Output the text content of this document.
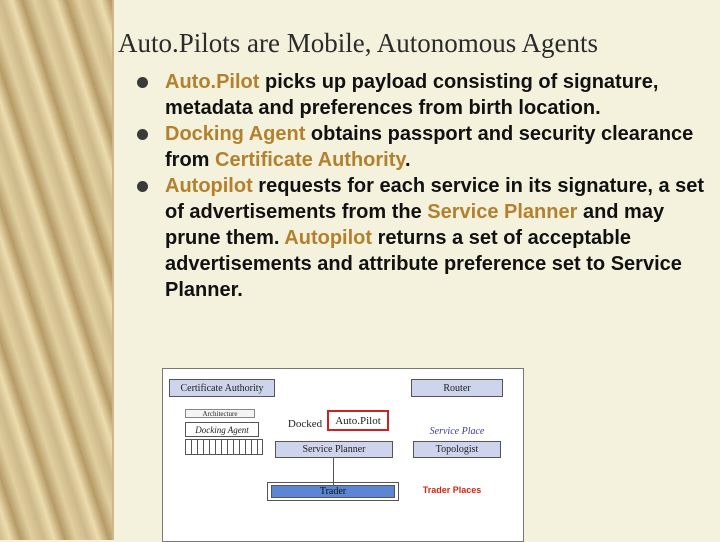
Auto.Pilots are Mobile, Autonomous Agents
Auto.Pilot picks up payload consisting of signature, metadata and preferences from birth location.
Docking Agent obtains passport and security clearance from Certificate Authority.
Autopilot requests for each service in its signature, a set of advertisements from the Service Planner and may prune them. Autopilot returns a set of acceptable advertisements and attribute preference set to Service Planner.
Certificate Authority	Router
Architecture
Docking Agent	Docked	Auto.Pilot
Service Place
Service Planner	Topologist
Trader	Trader Places
